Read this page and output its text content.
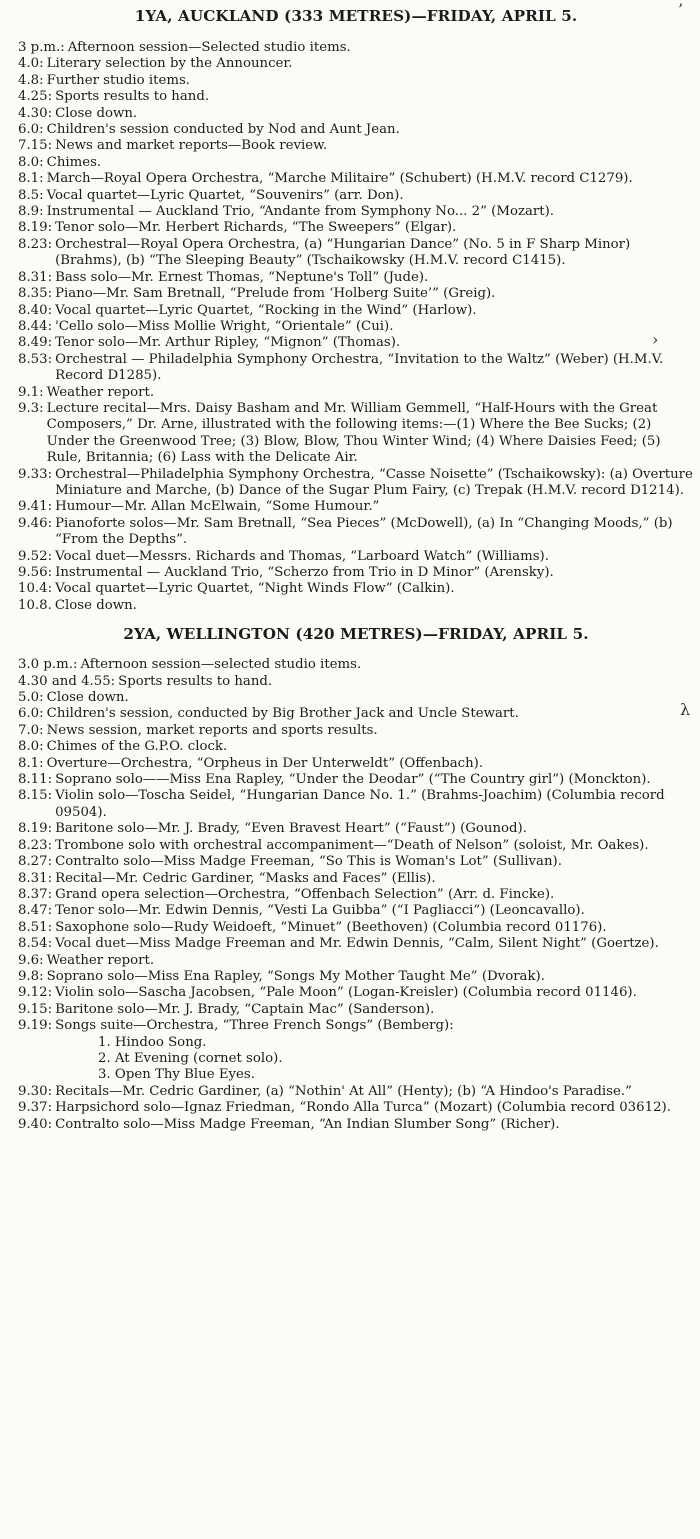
1YA, AUCKLAND (333 METRES)—FRIDAY, APRIL 5.
3 p.m.: Afternoon session—Selected studio items.
4.0: Literary selection by the Announcer.
4.8: Further studio items.
4.25: Sports results to hand.
4.30: Close down.
6.0: Children's session conducted by Nod and Aunt Jean.
7.15: News and market reports—Book review.
8.0: Chimes.
8.1: March—Royal Opera Orchestra, “Marche Militaire” (Schubert) (H.M.V. record C1279).
8.5: Vocal quartet—Lyric Quartet, “Souvenirs” (arr. Don).
8.9: Instrumental — Auckland Trio, “Andante from Symphony No... 2” (Mozart).
8.19: Tenor solo—Mr. Herbert Richards, “The Sweepers” (Elgar).
8.23: Orchestral—Royal Opera Orchestra, (a) “Hungarian Dance” (No. 5 in F Sharp Minor) (Brahms), (b) “The Sleeping Beauty” (Tschaikowsky (H.M.V. record C1415).
8.31: Bass solo—Mr. Ernest Thomas, “Neptune's Toll” (Jude).
8.35: Piano—Mr. Sam Bretnall, “Prelude from ‘Holberg Suite’” (Greig).
8.40: Vocal quartet—Lyric Quartet, “Rocking in the Wind” (Harlow).
8.44: 'Cello solo—Miss Mollie Wright, “Orientale” (Cui).
8.49: Tenor solo—Mr. Arthur Ripley, “Mignon” (Thomas).
8.53: Orchestral — Philadelphia Symphony Orchestra, “Invitation to the Waltz” (Weber) (H.M.V. Record D1285).
9.1: Weather report.
9.3: Lecture recital—Mrs. Daisy Basham and Mr. William Gemmell, “Half-Hours with the Great Composers,” Dr. Arne, illustrated with the following items:—(1) Where the Bee Sucks; (2) Under the Greenwood Tree; (3) Blow, Blow, Thou Winter Wind; (4) Where Daisies Feed; (5) Rule, Britannia; (6) Lass with the Delicate Air.
9.33: Orchestral—Philadelphia Symphony Orchestra, “Casse Noisette” (Tschaikowsky): (a) Overture Miniature and Marche, (b) Dance of the Sugar Plum Fairy, (c) Trepak (H.M.V. record D1214).
9.41: Humour—Mr. Allan McElwain, “Some Humour.”
9.46: Pianoforte solos—Mr. Sam Bretnall, “Sea Pieces” (McDowell), (a) In “Changing Moods,” (b) “From the Depths”.
9.52: Vocal duet—Messrs. Richards and Thomas, “Larboard Watch” (Williams).
9.56: Instrumental — Auckland Trio, “Scherzo from Trio in D Minor” (Arensky).
10.4: Vocal quartet—Lyric Quartet, “Night Winds Flow” (Calkin).
10.8. Close down.
2YA, WELLINGTON (420 METRES)—FRIDAY, APRIL 5.
3.0 p.m.: Afternoon session—selected studio items.
4.30 and 4.55: Sports results to hand.
5.0: Close down.
6.0: Children's session, conducted by Big Brother Jack and Uncle Stewart.
7.0: News session, market reports and sports results.
8.0: Chimes of the G.P.O. clock.
8.1: Overture—Orchestra, “Orpheus in Der Unterweldt” (Offenbach).
8.11: Soprano solo——Miss Ena Rapley, “Under the Deodar” (“The Country girl”) (Monckton).
8.15: Violin solo—Toscha Seidel, “Hungarian Dance No. 1.” (Brahms-Joachim) (Columbia record 09504).
8.19: Baritone solo—Mr. J. Brady, “Even Bravest Heart” (“Faust”) (Gounod).
8.23: Trombone solo with orchestral accompaniment—“Death of Nelson” (soloist, Mr. Oakes).
8.27: Contralto solo—Miss Madge Freeman, “So This is Woman's Lot” (Sullivan).
8.31: Recital—Mr. Cedric Gardiner, “Masks and Faces” (Ellis).
8.37: Grand opera selection—Orchestra, “Offenbach Selection” (Arr. d. Fincke).
8.47: Tenor solo—Mr. Edwin Dennis, “Vesti La Guibba” (“I Pagliacci”) (Leoncavallo).
8.51: Saxophone solo—Rudy Weidoeft, “Minuet” (Beethoven) (Columbia record 01176).
8.54: Vocal duet—Miss Madge Freeman and Mr. Edwin Dennis, “Calm, Silent Night” (Goertze).
9.6: Weather report.
9.8: Soprano solo—Miss Ena Rapley, “Songs My Mother Taught Me” (Dvorak).
9.12: Violin solo—Sascha Jacobsen, “Pale Moon” (Logan-Kreisler) (Columbia record 01146).
9.15: Baritone solo—Mr. J. Brady, “Captain Mac” (Sanderson).
9.19: Songs suite—Orchestra, “Three French Songs” (Bemberg):
1. Hindoo Song.
2. At Evening (cornet solo).
3. Open Thy Blue Eyes.
9.30: Recitals—Mr. Cedric Gardiner, (a) “Nothin' At All” (Henty); (b) “A Hindoo's Paradise.”
9.37: Harpsichord solo—Ignaz Friedman, “Rondo Alla Turca” (Mozart) (Columbia record 03612).
9.40: Contralto solo—Miss Madge Freeman, “An Indian Slumber Song” (Richer).
’
›
λ
